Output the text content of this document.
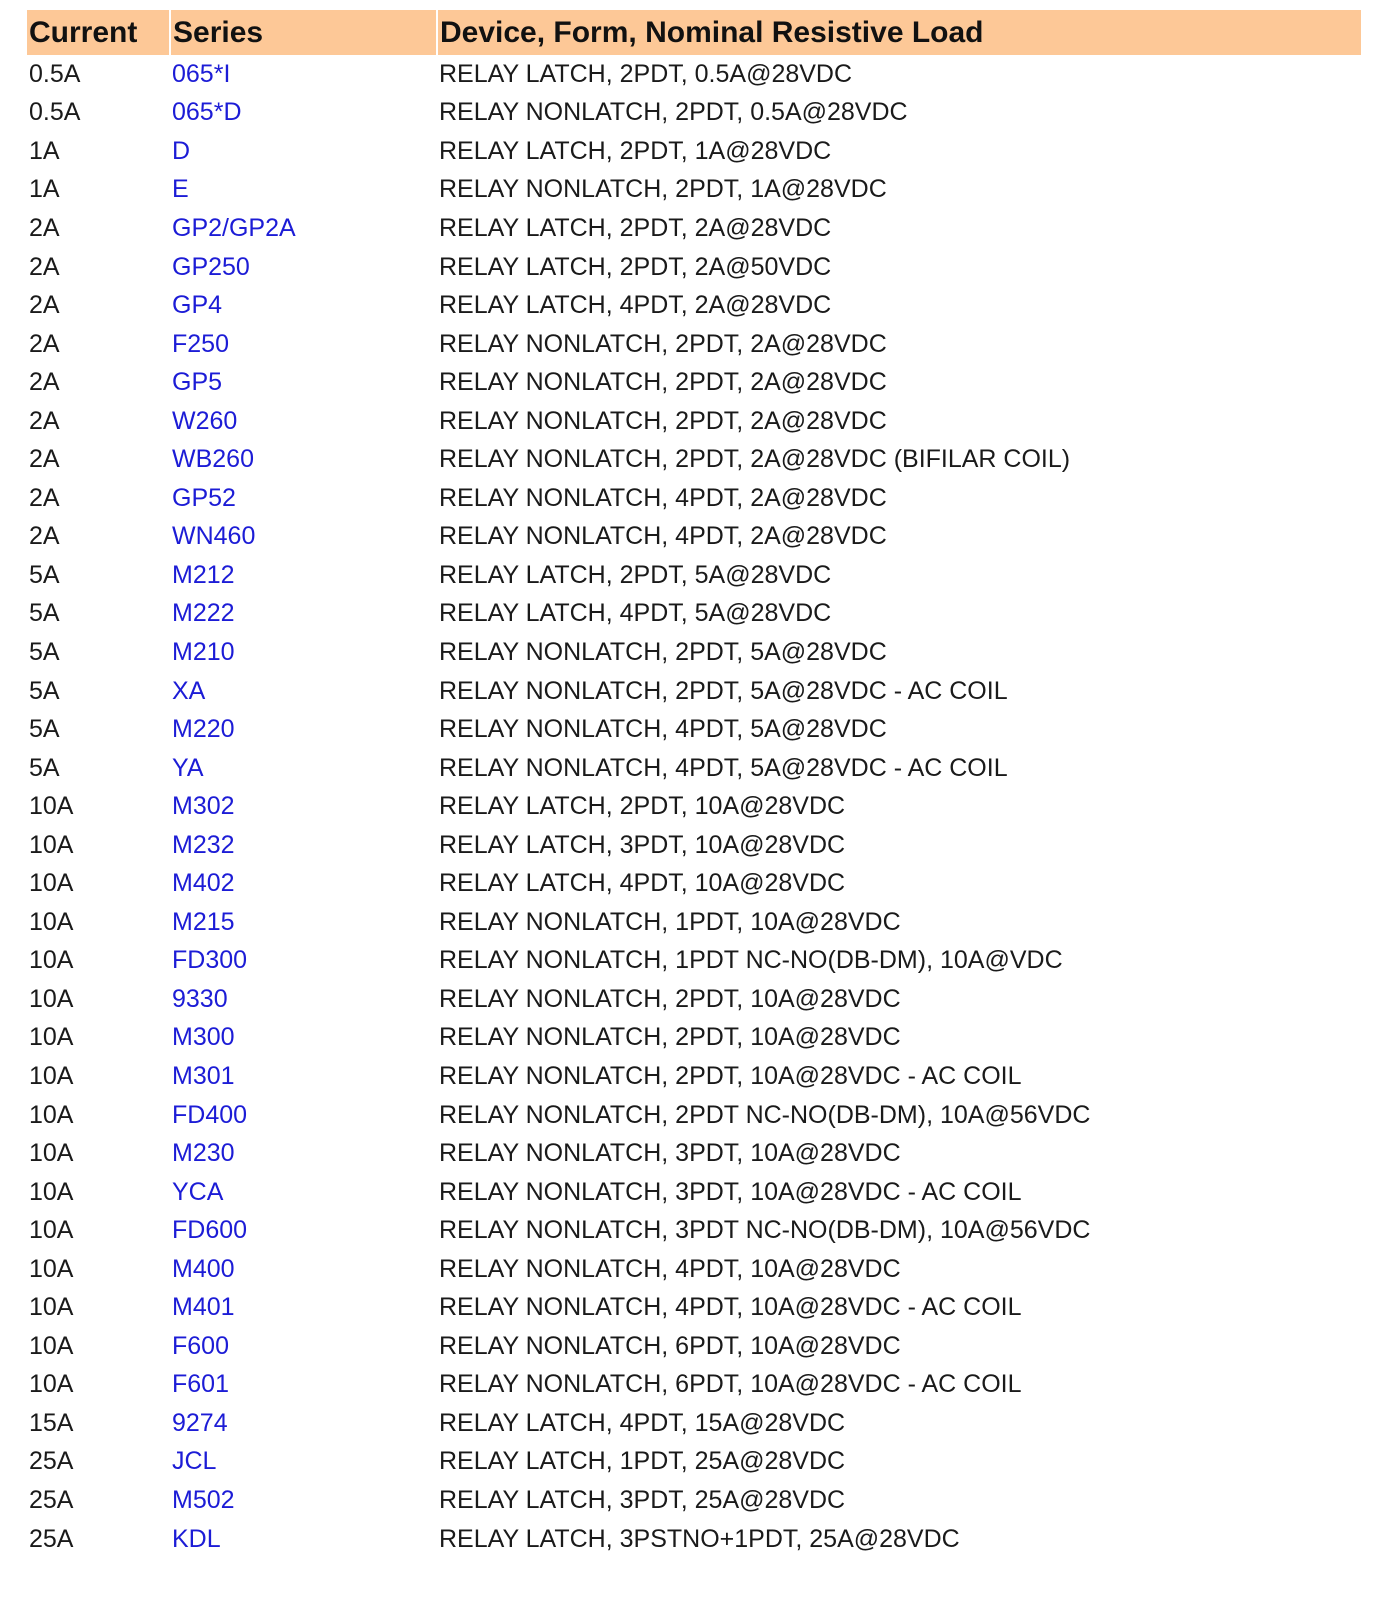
Current	Series	Device, Form, Nominal Resistive Load
0.5A	065*I	RELAY LATCH, 2PDT, 0.5A@28VDC
0.5A	065*D	RELAY NONLATCH, 2PDT, 0.5A@28VDC
1A	D	RELAY LATCH, 2PDT, 1A@28VDC
1A	E	RELAY NONLATCH, 2PDT, 1A@28VDC
2A	GP2/GP2A	RELAY LATCH, 2PDT, 2A@28VDC
2A	GP250	RELAY LATCH, 2PDT, 2A@50VDC
2A	GP4	RELAY LATCH, 4PDT, 2A@28VDC
2A	F250	RELAY NONLATCH, 2PDT, 2A@28VDC
2A	GP5	RELAY NONLATCH, 2PDT, 2A@28VDC
2A	W260	RELAY NONLATCH, 2PDT, 2A@28VDC
2A	WB260	RELAY NONLATCH, 2PDT, 2A@28VDC (BIFILAR COIL)
2A	GP52	RELAY NONLATCH, 4PDT, 2A@28VDC
2A	WN460	RELAY NONLATCH, 4PDT, 2A@28VDC
5A	M212	RELAY LATCH, 2PDT, 5A@28VDC
5A	M222	RELAY LATCH, 4PDT, 5A@28VDC
5A	M210	RELAY NONLATCH, 2PDT, 5A@28VDC
5A	XA	RELAY NONLATCH, 2PDT, 5A@28VDC - AC COIL
5A	M220	RELAY NONLATCH, 4PDT, 5A@28VDC
5A	YA	RELAY NONLATCH, 4PDT, 5A@28VDC - AC COIL
10A	M302	RELAY LATCH, 2PDT, 10A@28VDC
10A	M232	RELAY LATCH, 3PDT, 10A@28VDC
10A	M402	RELAY LATCH, 4PDT, 10A@28VDC
10A	M215	RELAY NONLATCH, 1PDT, 10A@28VDC
10A	FD300	RELAY NONLATCH, 1PDT NC-NO(DB-DM), 10A@VDC
10A	9330	RELAY NONLATCH, 2PDT, 10A@28VDC
10A	M300	RELAY NONLATCH, 2PDT, 10A@28VDC
10A	M301	RELAY NONLATCH, 2PDT, 10A@28VDC - AC COIL
10A	FD400	RELAY NONLATCH, 2PDT NC-NO(DB-DM), 10A@56VDC
10A	M230	RELAY NONLATCH, 3PDT, 10A@28VDC
10A	YCA	RELAY NONLATCH, 3PDT, 10A@28VDC - AC COIL
10A	FD600	RELAY NONLATCH, 3PDT NC-NO(DB-DM), 10A@56VDC
10A	M400	RELAY NONLATCH, 4PDT, 10A@28VDC
10A	M401	RELAY NONLATCH, 4PDT, 10A@28VDC - AC COIL
10A	F600	RELAY NONLATCH, 6PDT, 10A@28VDC
10A	F601	RELAY NONLATCH, 6PDT, 10A@28VDC - AC COIL
15A	9274	RELAY LATCH, 4PDT, 15A@28VDC
25A	JCL	RELAY LATCH, 1PDT, 25A@28VDC
25A	M502	RELAY LATCH, 3PDT, 25A@28VDC
25A	KDL	RELAY LATCH, 3PSTNO+1PDT, 25A@28VDC
